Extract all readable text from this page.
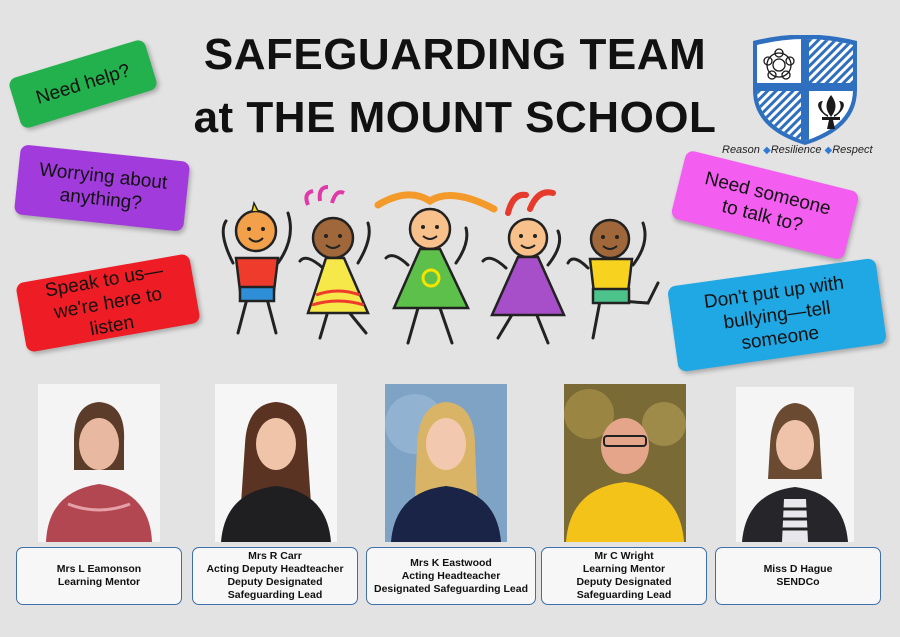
SAFEGUARDING TEAM
at THE MOUNT SCHOOL
Reason ◆Resilience ◆Respect
Need help?
Worrying about anything?
Speak to us—we're here to listen
Need someone to talk to?
Don't put up with bullying—tell someone
Mrs L Eamonson
Learning Mentor
Mrs R Carr
Acting Deputy Headteacher
Deputy Designated
Safeguarding Lead
Mrs K Eastwood
Acting Headteacher
Designated Safeguarding Lead
Mr C Wright
Learning Mentor
Deputy Designated
Safeguarding Lead
Miss D Hague
SENDCo
